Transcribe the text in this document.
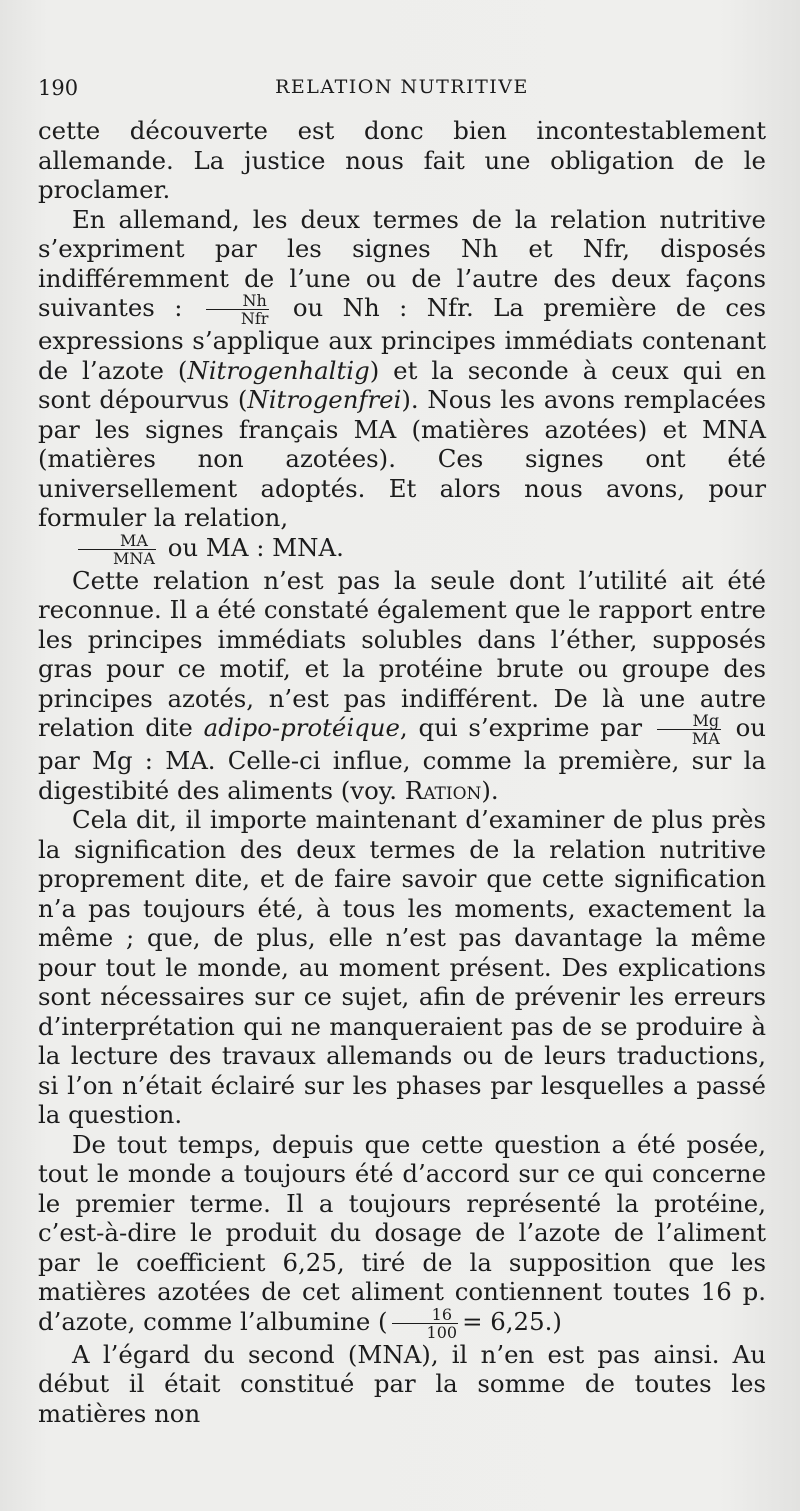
190	RELATION NUTRITIVE

cette découverte est donc bien incontestablement allemande. La justice nous fait une obligation de le proclamer.

En allemand, les deux termes de la relation nutritive s’expriment par les signes Nh et Nfr, disposés indifféremment de l’une ou de l’autre des deux façons suivantes : $\frac{Nh}{\text{Nfr}}$ ou Nh : Nfr. La première de ces expressions s’applique aux principes immédiats contenant de l’azote (Nitrogenhaltig) et la seconde à ceux qui en sont dépourvus (Nitrogenfrei). Nous les avons remplacées par les signes français MA (matières azotées) et MNA (matières non azotées). Ces signes ont été universellement adoptés. Et alors nous avons, pour formuler la relation,

$\frac{MA}{\text{MNA}}$ ou MA : MNA.

Cette relation n’est pas la seule dont l’utilité ait été reconnue. Il a été constaté également que le rapport entre les principes immédiats solubles dans l’éther, supposés gras pour ce motif, et la protéine brute ou groupe des principes azotés, n’est pas indifférent. De là une autre relation dite adipo-protéique, qui s’exprime par $\frac{Mg}{MA}$ ou par Mg : MA. Celle-ci influe, comme la première, sur la digestibité des aliments (voy. Ration).

Cela dit, il importe maintenant d’examiner de plus près la signification des deux termes de la relation nutritive proprement dite, et de faire savoir que cette signification n’a pas toujours été, à tous les moments, exactement la même ; que, de plus, elle n’est pas davantage la même pour tout le monde, au moment présent. Des explications sont nécessaires sur ce sujet, afin de prévenir les erreurs d’interprétation qui ne manqueraient pas de se produire à la lecture des travaux allemands ou de leurs traductions, si l’on n’était éclairé sur les phases par lesquelles a passé la question.

De tout temps, depuis que cette question a été posée, tout le monde a toujours été d’accord sur ce qui concerne le premier terme. Il a toujours représenté la protéine, c’est-à-dire le produit du dosage de l’azote de l’aliment par le coefficient 6,25, tiré de la supposition que les matières azotées de cet aliment contiennent toutes 16 p. d’azote, comme l’albumine ( $\frac{16}{100} = 6,25$.)

A l’égard du second (MNA), il n’en est pas ainsi. Au début il était constitué par la somme de toutes les matières non
